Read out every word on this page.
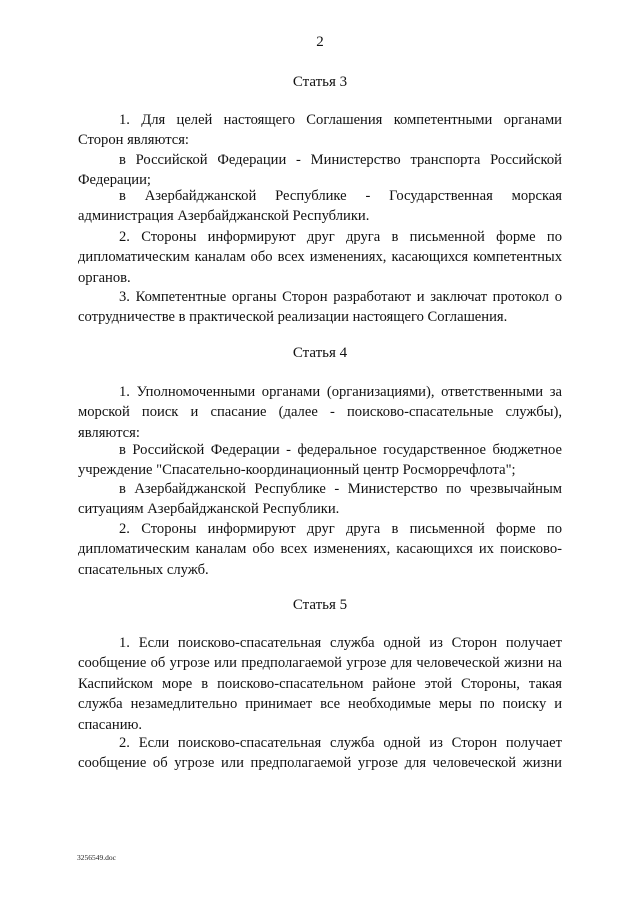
2
Статья 3
1. Для целей настоящего Соглашения компетентными органами Сторон являются:
в Российской Федерации - Министерство транспорта Российской Федерации;
в Азербайджанской Республике - Государственная морская администрация Азербайджанской Республики.
2. Стороны информируют друг друга в письменной форме по дипломатическим каналам обо всех изменениях, касающихся компетентных органов.
3. Компетентные органы Сторон разработают и заключат протокол о сотрудничестве в практической реализации настоящего Соглашения.
Статья 4
1. Уполномоченными органами (организациями), ответственными за морской поиск и спасание (далее - поисково-спасательные службы), являются:
в Российской Федерации - федеральное государственное бюджетное учреждение "Спасательно-координационный центр Росморречфлота";
в Азербайджанской Республике - Министерство по чрезвычайным ситуациям Азербайджанской Республики.
2. Стороны информируют друг друга в письменной форме по дипломатическим каналам обо всех изменениях, касающихся их поисково-спасательных служб.
Статья 5
1. Если поисково-спасательная служба одной из Сторон получает сообщение об угрозе или предполагаемой угрозе для человеческой жизни на Каспийском море в поисково-спасательном районе этой Стороны, такая служба незамедлительно принимает все необходимые меры по поиску и спасанию.
2. Если поисково-спасательная служба одной из Сторон получает сообщение об угрозе или предполагаемой угрозе для человеческой жизни
3256549.doc
